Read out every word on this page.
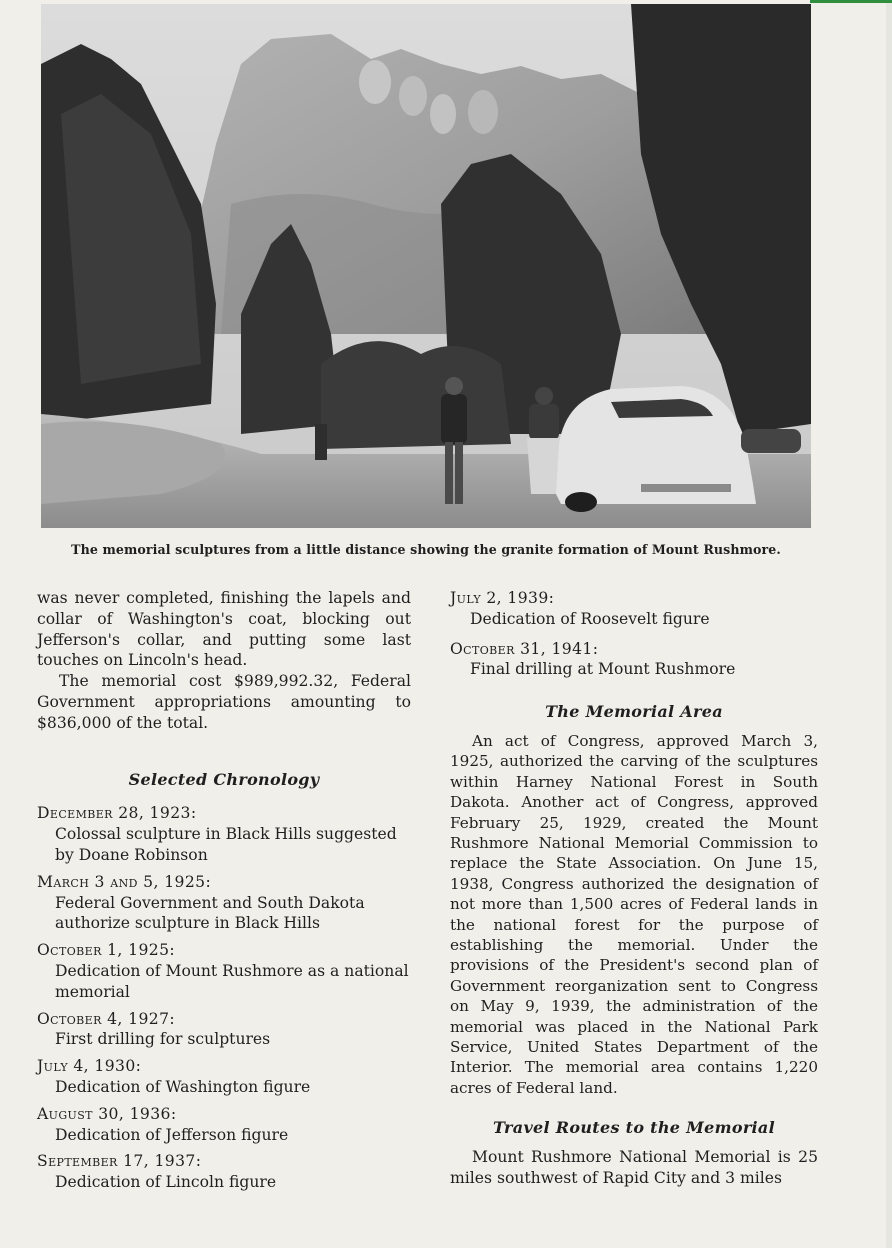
The memorial sculptures from a little distance showing the granite formation of Mount Rushmore.

was never completed, finishing the lapels and collar of Washington's coat, blocking out Jefferson's collar, and putting some last touches on Lincoln's head.

The memorial cost $989,992.32, Federal Government appropriations amounting to $836,000 of the total.

Selected Chronology

December 28, 1923:
Colossal sculpture in Black Hills suggested by Doane Robinson
March 3 and 5, 1925:
Federal Government and South Dakota authorize sculpture in Black Hills
October 1, 1925:
Dedication of Mount Rushmore as a national memorial
October 4, 1927:
First drilling for sculptures
July 4, 1930:
Dedication of Washington figure
August 30, 1936:
Dedication of Jefferson figure
September 17, 1937:
Dedication of Lincoln figure
July 2, 1939:
Dedication of Roosevelt figure
October 31, 1941:
Final drilling at Mount Rushmore

The Memorial Area

An act of Congress, approved March 3, 1925, authorized the carving of the sculptures within Harney National Forest in South Dakota. Another act of Congress, approved February 25, 1929, created the Mount Rushmore National Memorial Commission to replace the State Association. On June 15, 1938, Congress authorized the designation of not more than 1,500 acres of Federal lands in the national forest for the purpose of establishing the memorial. Under the provisions of the President's second plan of Government reorganization sent to Congress on May 9, 1939, the administration of the memorial was placed in the National Park Service, United States Department of the Interior. The memorial area contains 1,220 acres of Federal land.

Travel Routes to the Memorial

Mount Rushmore National Memorial is 25 miles southwest of Rapid City and 3 miles
